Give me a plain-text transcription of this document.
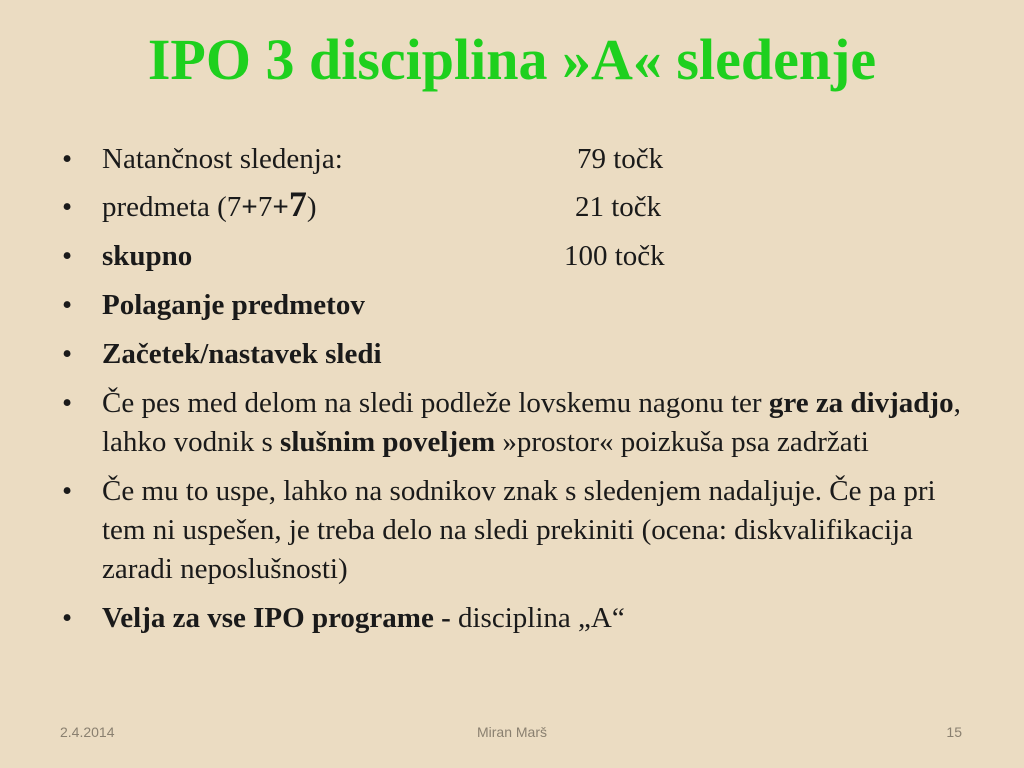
IPO 3 disciplina »A« sledenje
• Natančnost sledenja:	79 točk
• predmeta (7+7+7)	21 točk
• skupno	100 točk
• Polaganje predmetov
• Začetek/nastavek sledi
• Če pes med delom na sledi podleže lovskemu nagonu ter gre za divjadjo, lahko vodnik s slušnim poveljem »prostor« poizkuša psa zadržati
• Če mu to uspe, lahko na sodnikov znak s sledenjem nadaljuje. Če pa pri tem ni uspešen, je treba delo na sledi prekiniti (ocena: diskvalifikacija zaradi neposlušnosti)
• Velja za vse IPO programe - disciplina „A“
2.4.2014	Miran Marš	15
